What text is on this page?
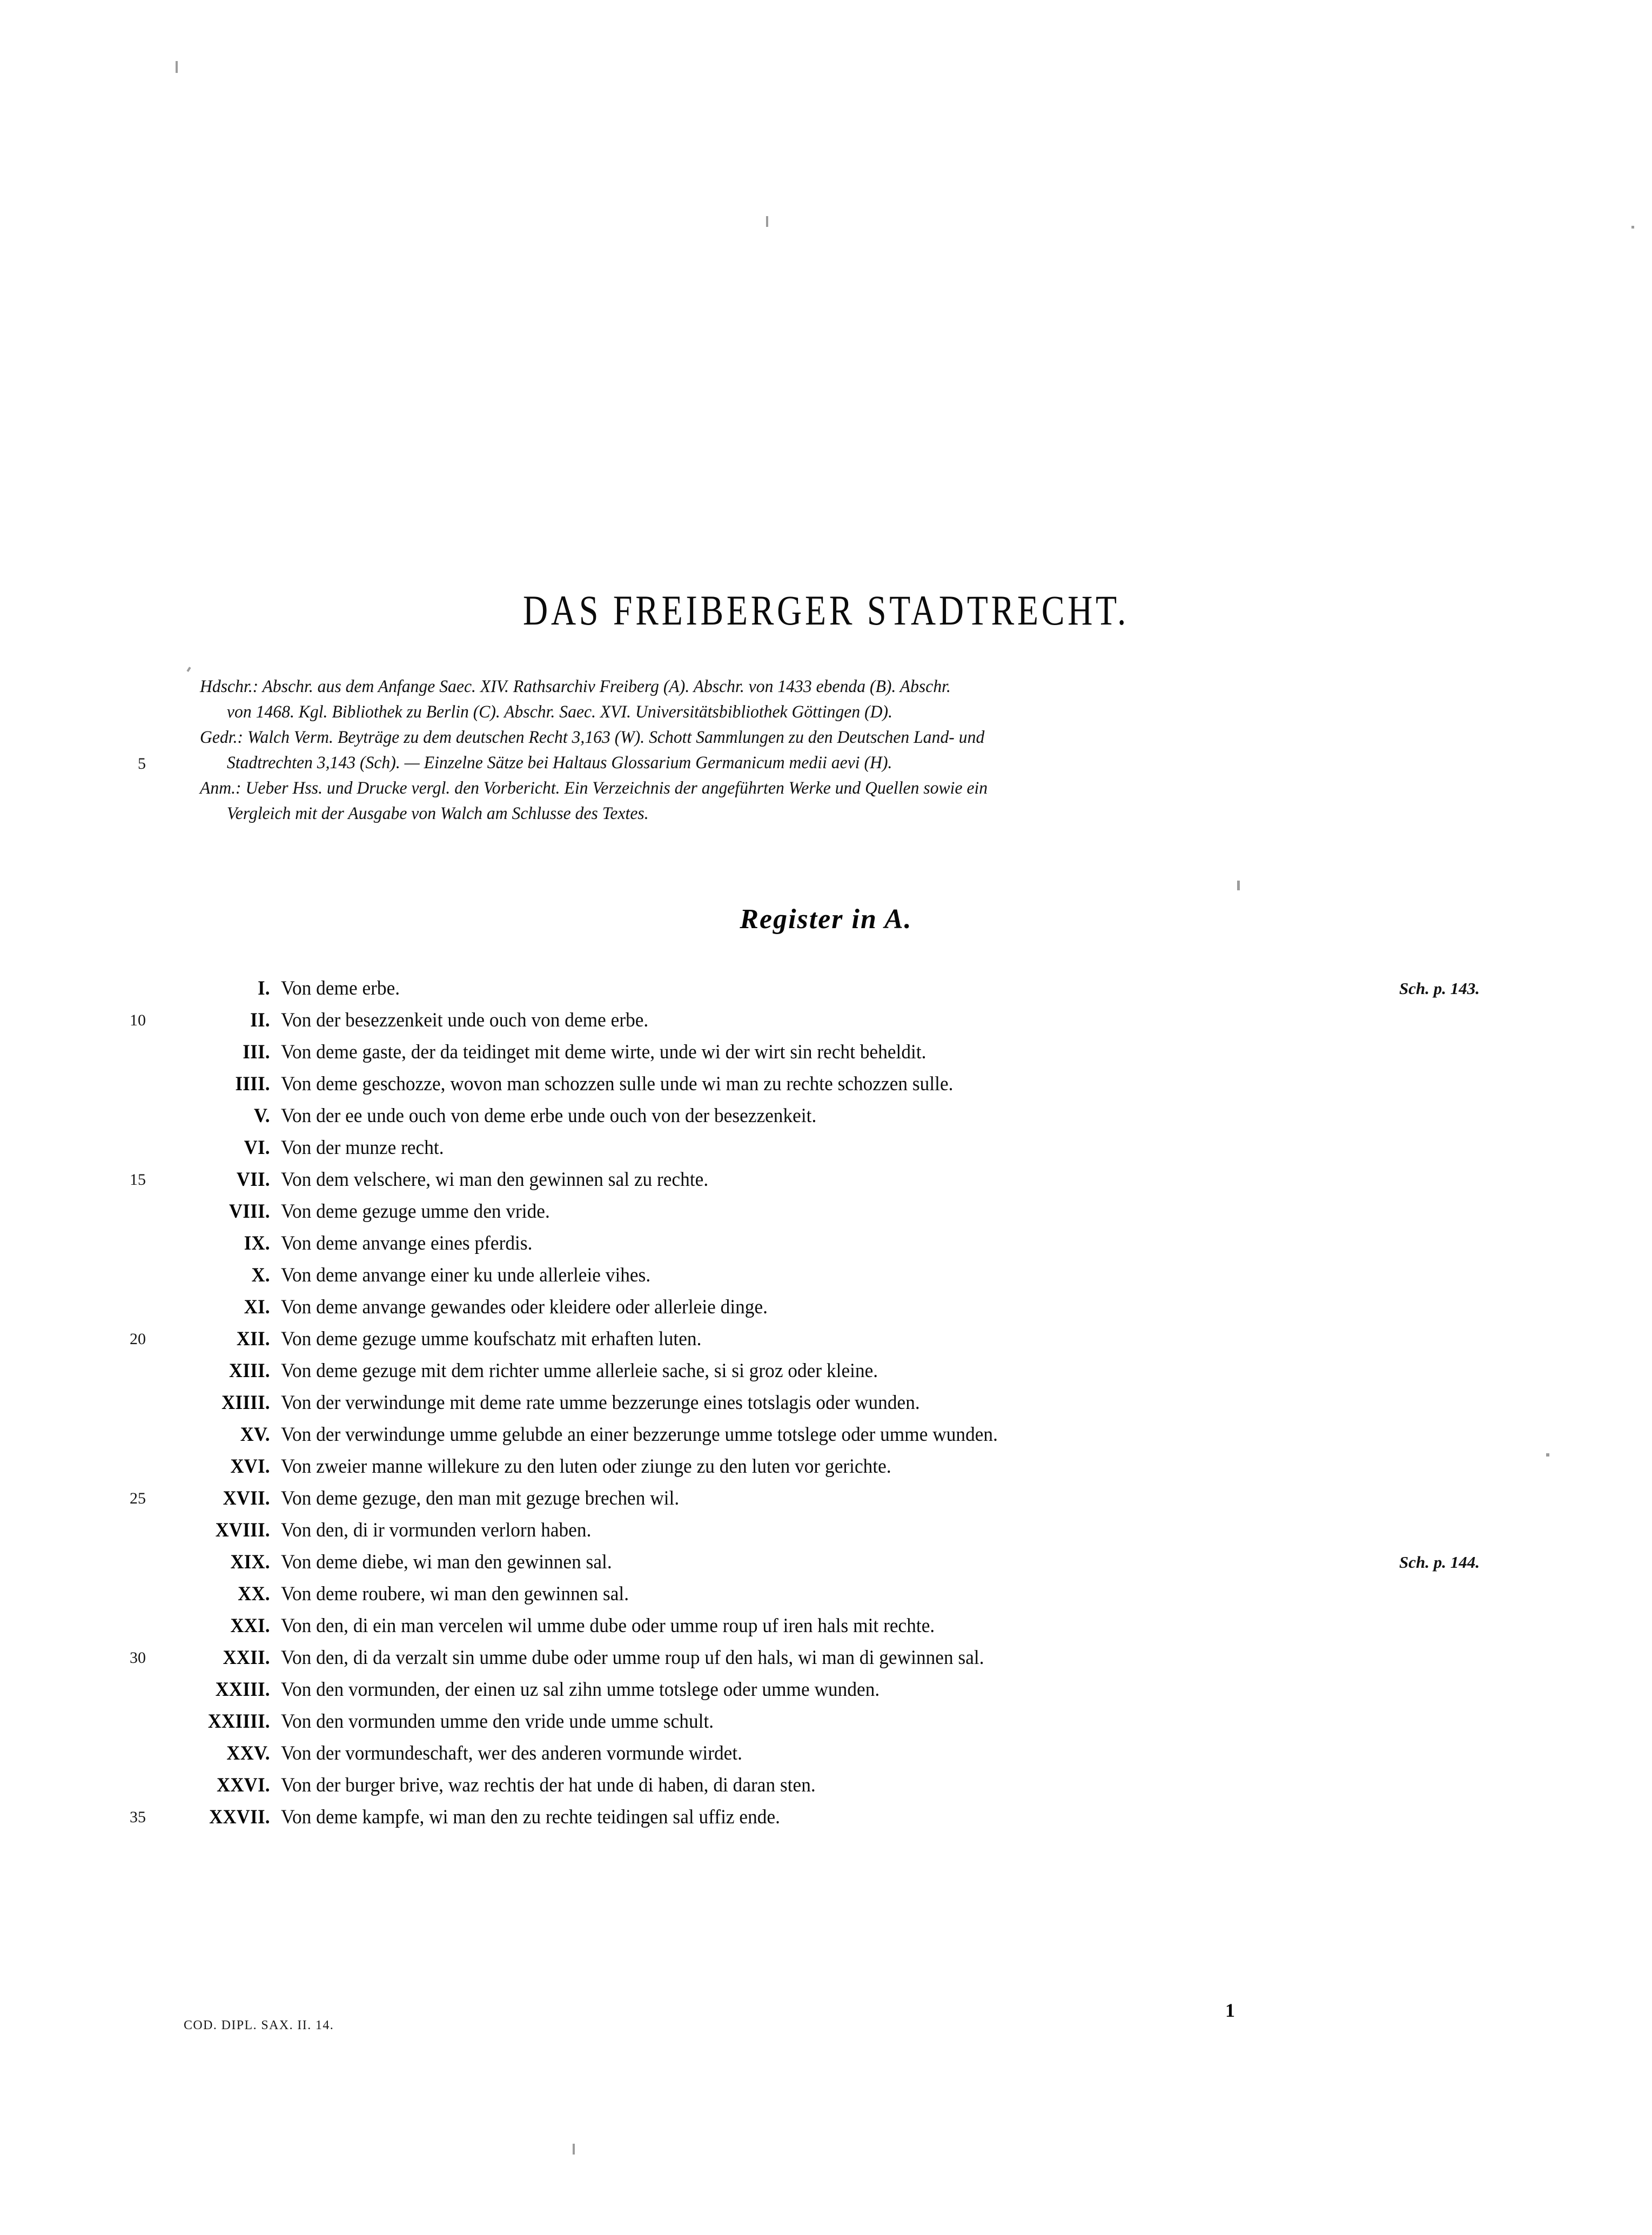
DAS FREIBERGER STADTRECHT.
Hdschr.: Abschr. aus dem Anfange Saec. XIV. Rathsarchiv Freiberg (A). Abschr. von 1433 ebenda (B). Abschr.
von 1468. Kgl. Bibliothek zu Berlin (C). Abschr. Saec. XVI. Universitätsbibliothek Göttingen (D).
Gedr.: Walch Verm. Beyträge zu dem deutschen Recht 3,163 (W). Schott Sammlungen zu den Deutschen Land- und
Stadtrechten 3,143 (Sch). — Einzelne Sätze bei Haltaus Glossarium Germanicum medii aevi (H).
Anm.: Ueber Hss. und Drucke vergl. den Vorbericht. Ein Verzeichnis der angeführten Werke und Quellen sowie ein
Vergleich mit der Ausgabe von Walch am Schlusse des Textes.
5
Register in A.
I. Von deme erbe.	Sch. p. 143.
10	II. Von der besezzenkeit unde ouch von deme erbe.
III. Von deme gaste, der da teidinget mit deme wirte, unde wi der wirt sin recht beheldit.
IIII. Von deme geschozze, wovon man schozzen sulle unde wi man zu rechte schozzen sulle.
V. Von der ee unde ouch von deme erbe unde ouch von der besezzenkeit.
VI. Von der munze recht.
15	VII. Von dem velschere, wi man den gewinnen sal zu rechte.
VIII. Von deme gezuge umme den vride.
IX. Von deme anvange eines pferdis.
X. Von deme anvange einer ku unde allerleie vihes.
XI. Von deme anvange gewandes oder kleidere oder allerleie dinge.
20	XII. Von deme gezuge umme koufschatz mit erhaften luten.
XIII. Von deme gezuge mit dem richter umme allerleie sache, si si groz oder kleine.
XIIII. Von der verwindunge mit deme rate umme bezzerunge eines totslagis oder wunden.
XV. Von der verwindunge umme gelubde an einer bezzerunge umme totslege oder umme wunden.
XVI. Von zweier manne willekure zu den luten oder ziunge zu den luten vor gerichte.
25	XVII. Von deme gezuge, den man mit gezuge brechen wil.
XVIII. Von den, di ir vormunden verlorn haben.
XIX. Von deme diebe, wi man den gewinnen sal.	Sch. p. 144.
XX. Von deme roubere, wi man den gewinnen sal.
XXI. Von den, di ein man vercelen wil umme dube oder umme roup uf iren hals mit rechte.
30	XXII. Von den, di da verzalt sin umme dube oder umme roup uf den hals, wi man di gewinnen sal.
XXIII. Von den vormunden, der einen uz sal zihn umme totslege oder umme wunden.
XXIIII. Von den vormunden umme den vride unde umme schult.
XXV. Von der vormundeschaft, wer des anderen vormunde wirdet.
XXVI. Von der burger brive, waz rechtis der hat unde di haben, di daran sten.
35	XXVII. Von deme kampfe, wi man den zu rechte teidingen sal uffiz ende.
COD. DIPL. SAX. II. 14.
1
